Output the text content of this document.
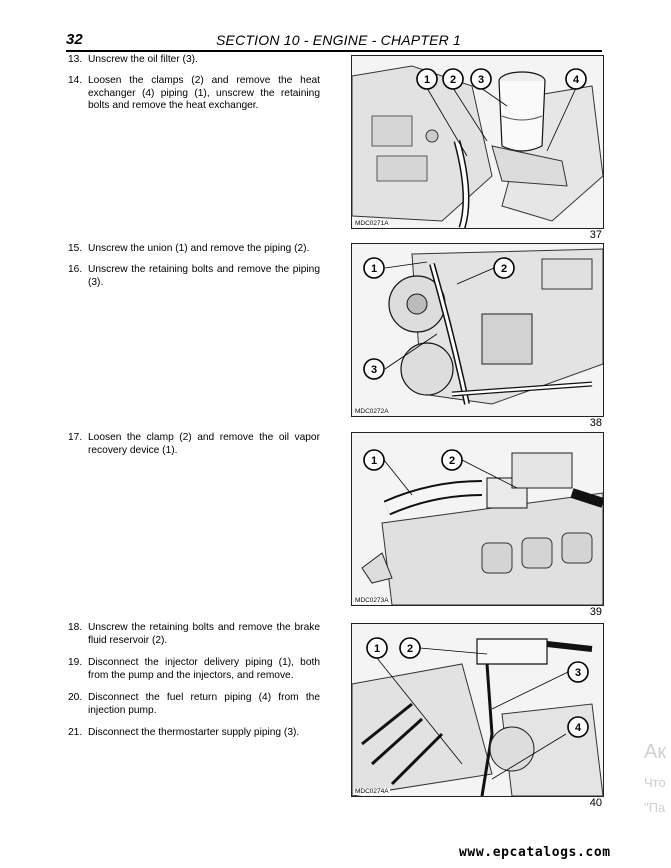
32	SECTION 10 - ENGINE - CHAPTER 1
13. Unscrew the oil filter (3).
14. Loosen the clamps (2) and remove the heat exchanger (4) piping (1), unscrew the retaining bolts and remove the heat exchanger.
1 2 3	4
MDC0271A
37
15. Unscrew the union (1) and remove the piping (2).
16. Unscrew the retaining bolts and remove the piping (3).
1	2
3
MDC0272A
38
17. Loosen the clamp (2) and remove the oil vapor recovery device (1).
1	2
MDC0273A
39
18. Unscrew the retaining bolts and remove the brake fluid reservoir (2).
19. Disconnect the injector delivery piping (1), both from the pump and the injectors, and remove.
20. Disconnect the fuel return piping (4) from the injection pump.
21. Disconnect the thermostarter supply piping (3).
1 2
3
4
MDC0274A
40
Ак
Что
"Па
www.epcatalogs.com
